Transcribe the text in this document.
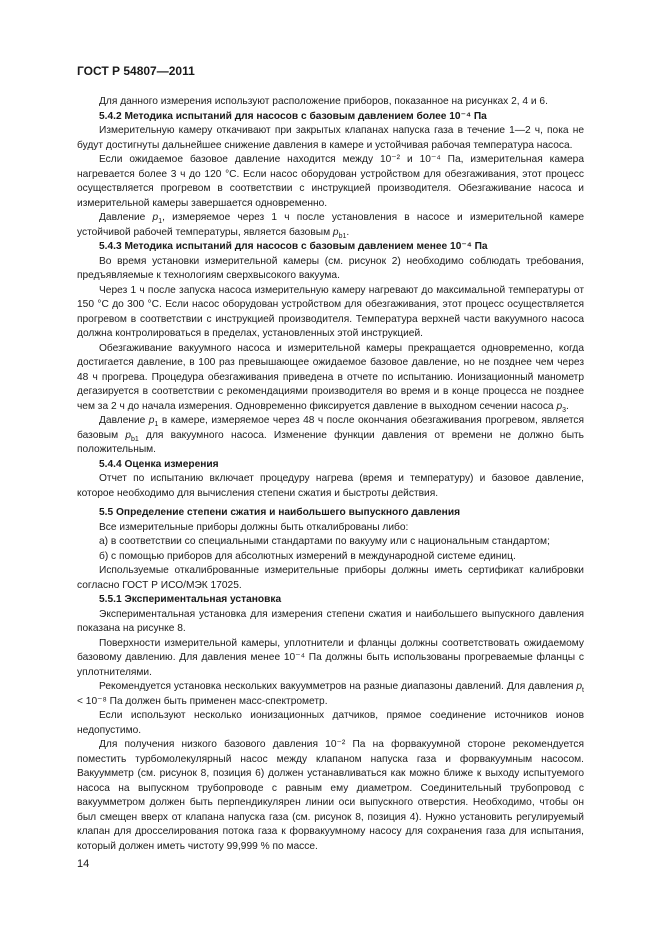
ГОСТ Р 54807—2011

Для данного измерения используют расположение приборов, показанное на рисунках 2, 4 и 6.

5.4.2 Методика испытаний для насосов с базовым давлением более 10⁻⁴ Па

Измерительную камеру откачивают при закрытых клапанах напуска газа в течение 1—2 ч, пока не будут достигнуты дальнейшее снижение давления в камере и устойчивая рабочая температура насоса.

Если ожидаемое базовое давление находится между 10⁻² и 10⁻⁴ Па, измерительная камера нагревается более 3 ч до 120 °С. Если насос оборудован устройством для обезгаживания, этот процесс осуществляется прогревом в соответствии с инструкцией производителя. Обезгаживание насоса и измерительной камеры завершается одновременно.

Давление $p_1$, измеряемое через 1 ч после установления в насосе и измерительной камере устойчивой рабочей температуры, является базовым $p_{b1}$.

5.4.3 Методика испытаний для насосов с базовым давлением менее 10⁻⁴ Па

Во время установки измерительной камеры (см. рисунок 2) необходимо соблюдать требования, предъявляемые к технологиям сверхвысокого вакуума.

Через 1 ч после запуска насоса измерительную камеру нагревают до максимальной температуры от 150 °С до 300 °С. Если насос оборудован устройством для обезгаживания, этот процесс осуществляется прогревом в соответствии с инструкцией производителя. Температура верхней части вакуумного насоса должна контролироваться в пределах, установленных этой инструкцией.

Обезгаживание вакуумного насоса и измерительной камеры прекращается одновременно, когда достигается давление, в 100 раз превышающее ожидаемое базовое давление, но не позднее чем через 48 ч прогрева. Процедура обезгаживания приведена в отчете по испытанию. Ионизационный манометр дегазируется в соответствии с рекомендациями производителя во время и в конце процесса не позднее чем за 2 ч до начала измерения. Одновременно фиксируется давление в выходном сечении насоса $p_3$.

Давление $p_1$ в камере, измеряемое через 48 ч после окончания обезгаживания прогревом, является базовым $p_{b1}$ для вакуумного насоса. Изменение функции давления от времени не должно быть положительным.

5.4.4 Оценка измерения

Отчет по испытанию включает процедуру нагрева (время и температуру) и базовое давление, которое необходимо для вычисления степени сжатия и быстроты действия.

5.5 Определение степени сжатия и наибольшего выпускного давления

Все измерительные приборы должны быть откалиброваны либо:

а) в соответствии со специальными стандартами по вакууму или с национальным стандартом;

б) с помощью приборов для абсолютных измерений в международной системе единиц.

Используемые откалиброванные измерительные приборы должны иметь сертификат калибровки согласно ГОСТ Р ИСО/МЭК 17025.

5.5.1 Экспериментальная установка

Экспериментальная установка для измерения степени сжатия и наибольшего выпускного давления показана на рисунке 8.

Поверхности измерительной камеры, уплотнители и фланцы должны соответствовать ожидаемому базовому давлению. Для давления менее 10⁻⁴ Па должны быть использованы прогреваемые фланцы с уплотнителями.

Рекомендуется установка нескольких вакуумметров на разные диапазоны давлений. Для давления $p_t < 10^{-8}$ Па должен быть применен масс-спектрометр.

Если используют несколько ионизационных датчиков, прямое соединение источников ионов недопустимо.

Для получения низкого базового давления 10⁻² Па на форвакуумной стороне рекомендуется поместить турбомолекулярный насос между клапаном напуска газа и форвакуумным насосом. Вакуумметр (см. рисунок 8, позиция 6) должен устанавливаться как можно ближе к выходу испытуемого насоса на выпускном трубопроводе с равным ему диаметром. Соединительный трубопровод с вакуумметром должен быть перпендикулярен линии оси выпускного отверстия. Необходимо, чтобы он был смещен вверх от клапана напуска газа (см. рисунок 8, позиция 4). Нужно установить регулируемый клапан для дросселирования потока газа к форвакуумному насосу для сохранения газа для испытания, который должен иметь чистоту 99,999 % по массе.

14
